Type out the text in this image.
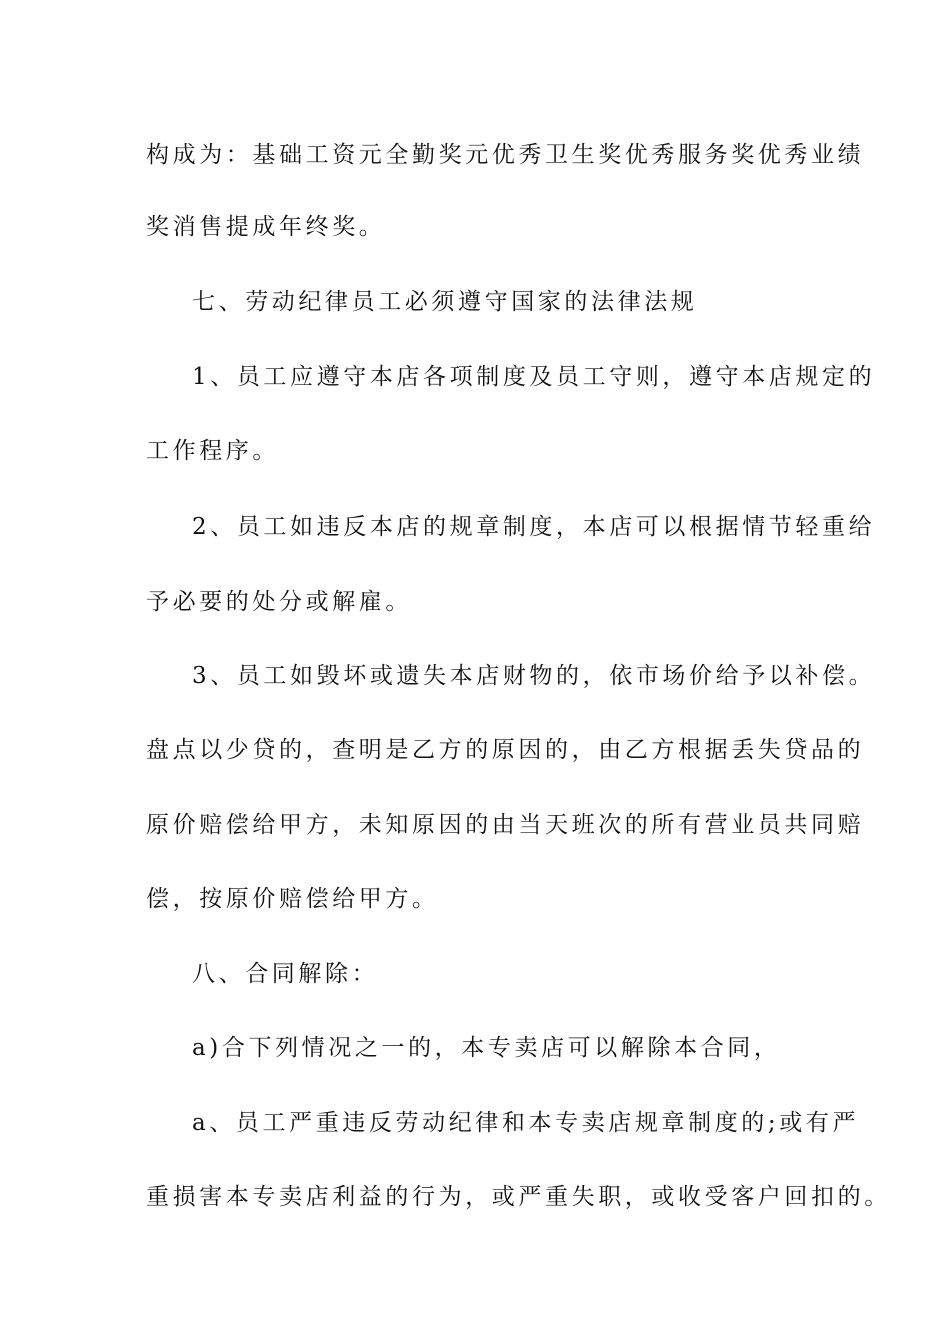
构成为：基础工资元全勤奖元优秀卫生奖优秀服务奖优秀业绩
奖消售提成年终奖。
七、劳动纪律员工必须遵守国家的法律法规
1、员工应遵守本店各项制度及员工守则，遵守本店规定的
工作程序。
2、员工如违反本店的规章制度，本店可以根据情节轻重给
予必要的处分或解雇。
3、员工如毁坏或遗失本店财物的，依市场价给予以补偿。
盘点以少贷的，查明是乙方的原因的，由乙方根据丢失贷品的
原价赔偿给甲方，未知原因的由当天班次的所有营业员共同赔
偿，按原价赔偿给甲方。
八、合同解除：
a)合下列情况之一的，本专卖店可以解除本合同，
a、员工严重违反劳动纪律和本专卖店规章制度的;或有严
重损害本专卖店利益的行为，或严重失职，或收受客户回扣的。
